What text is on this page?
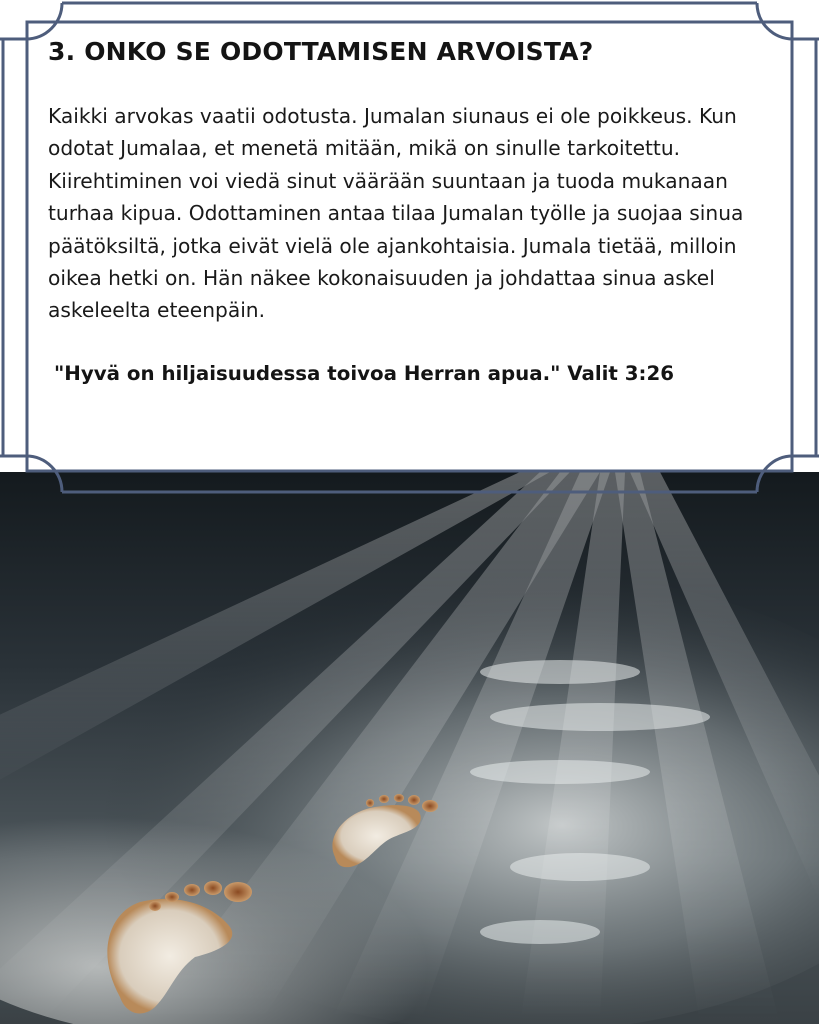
3. ONKO SE ODOTTAMISEN ARVOISTA?

Kaikki arvokas vaatii odotusta. Jumalan siunaus ei ole poikkeus. Kun odotat Jumalaa, et menetä mitään, mikä on sinulle tarkoitettu. Kiirehtiminen voi viedä sinut väärään suuntaan ja tuoda mukanaan turhaa kipua. Odottaminen antaa tilaa Jumalan työlle ja suojaa sinua päätöksiltä, jotka eivät vielä ole ajankohtaisia. Jumala tietää, milloin oikea hetki on. Hän näkee kokonaisuuden ja johdattaa sinua askel askeleelta eteenpäin.

"Hyvä on hiljaisuudessa toivoa Herran apua." Valit 3:26
